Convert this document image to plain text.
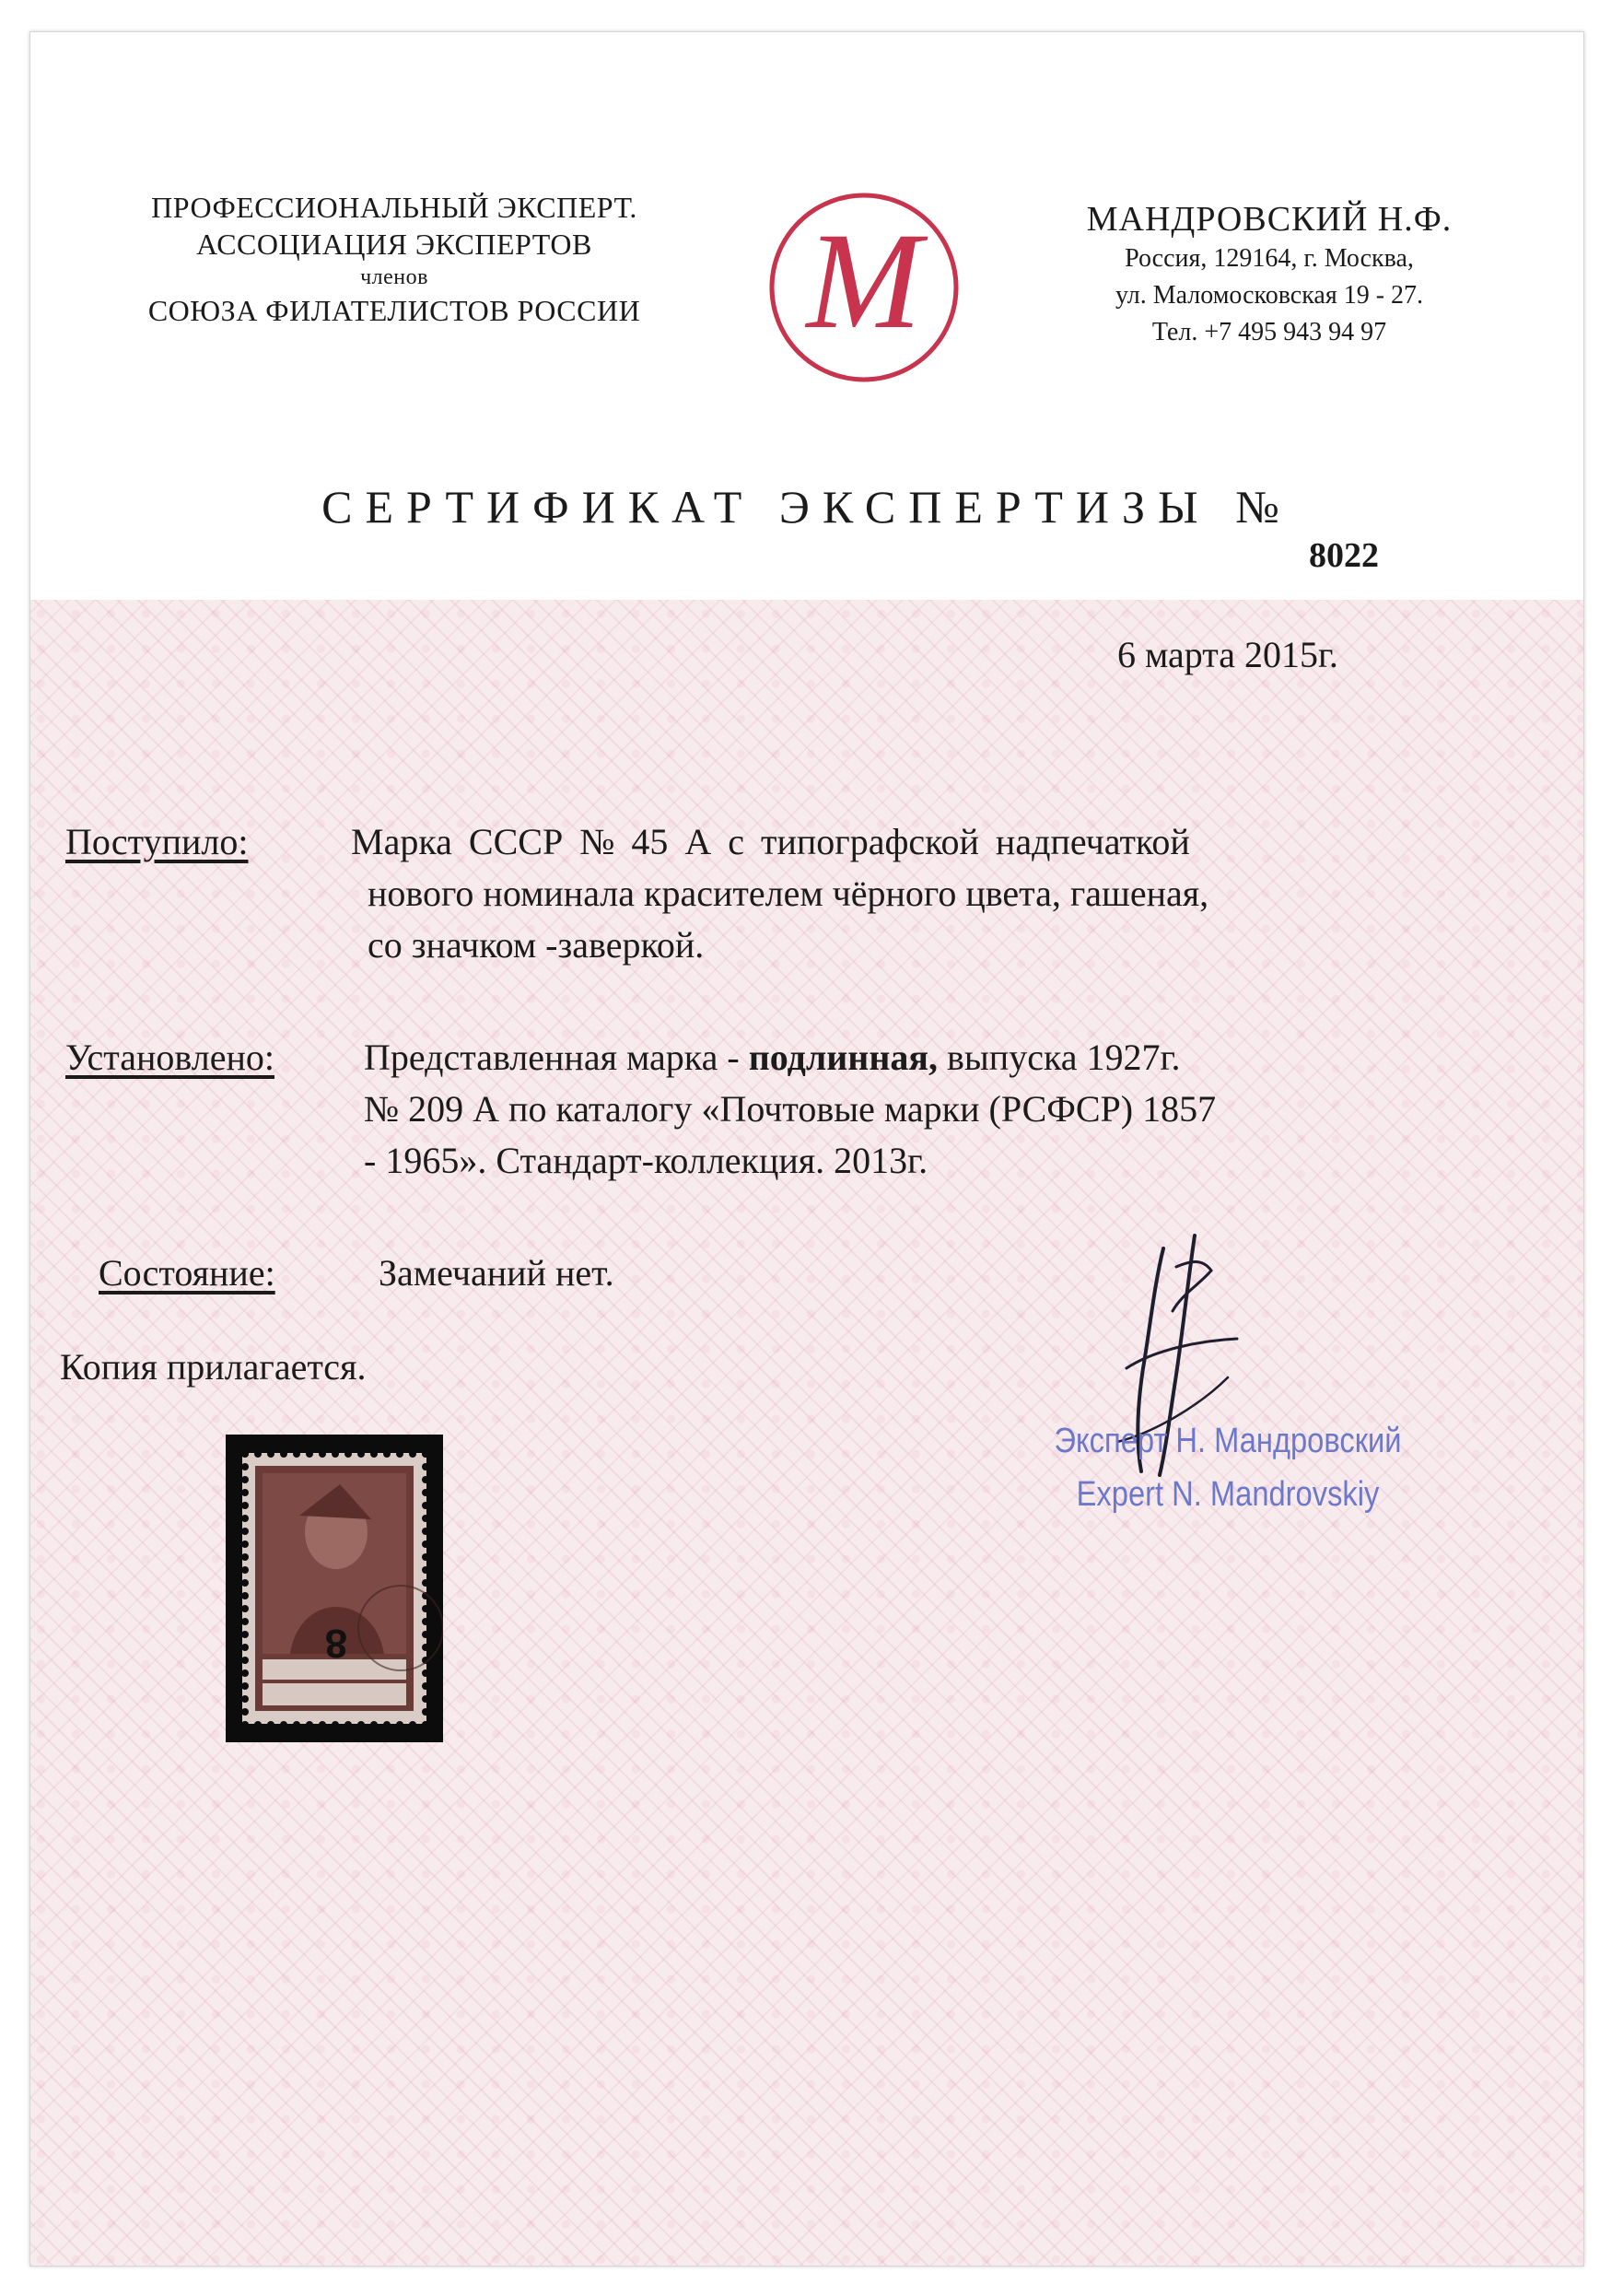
ПРОФЕССИОНАЛЬНЫЙ ЭКСПЕРТ.
АССОЦИАЦИЯ ЭКСПЕРТОВ
членов
СОЮЗА ФИЛАТЕЛИСТОВ РОССИИ	M	МАНДРОВСКИЙ Н.Ф.
Россия, 129164, г. Москва,
ул. Маломосковская 19 - 27.
Тел. +7 495 943 94 97
СЕРТИФИКАТ ЭКСПЕРТИЗЫ №
8022
6 марта 2015г.
Поступило:	Марка СССР № 45 А с типографской надпечаткой
нового номинала красителем чёрного цвета, гашеная,
со значком -заверкой.
Установлено: Представленная марка - подлинная, выпуска 1927г.
№ 209 А по каталогу «Почтовые марки (РСФСР) 1857
- 1965». Стандарт-коллекция. 2013г.
Состояние:	Замечаний нет.
Копия прилагается.
Эксперт Н. Мандровский
Expert N. Mandrovskiy
8
